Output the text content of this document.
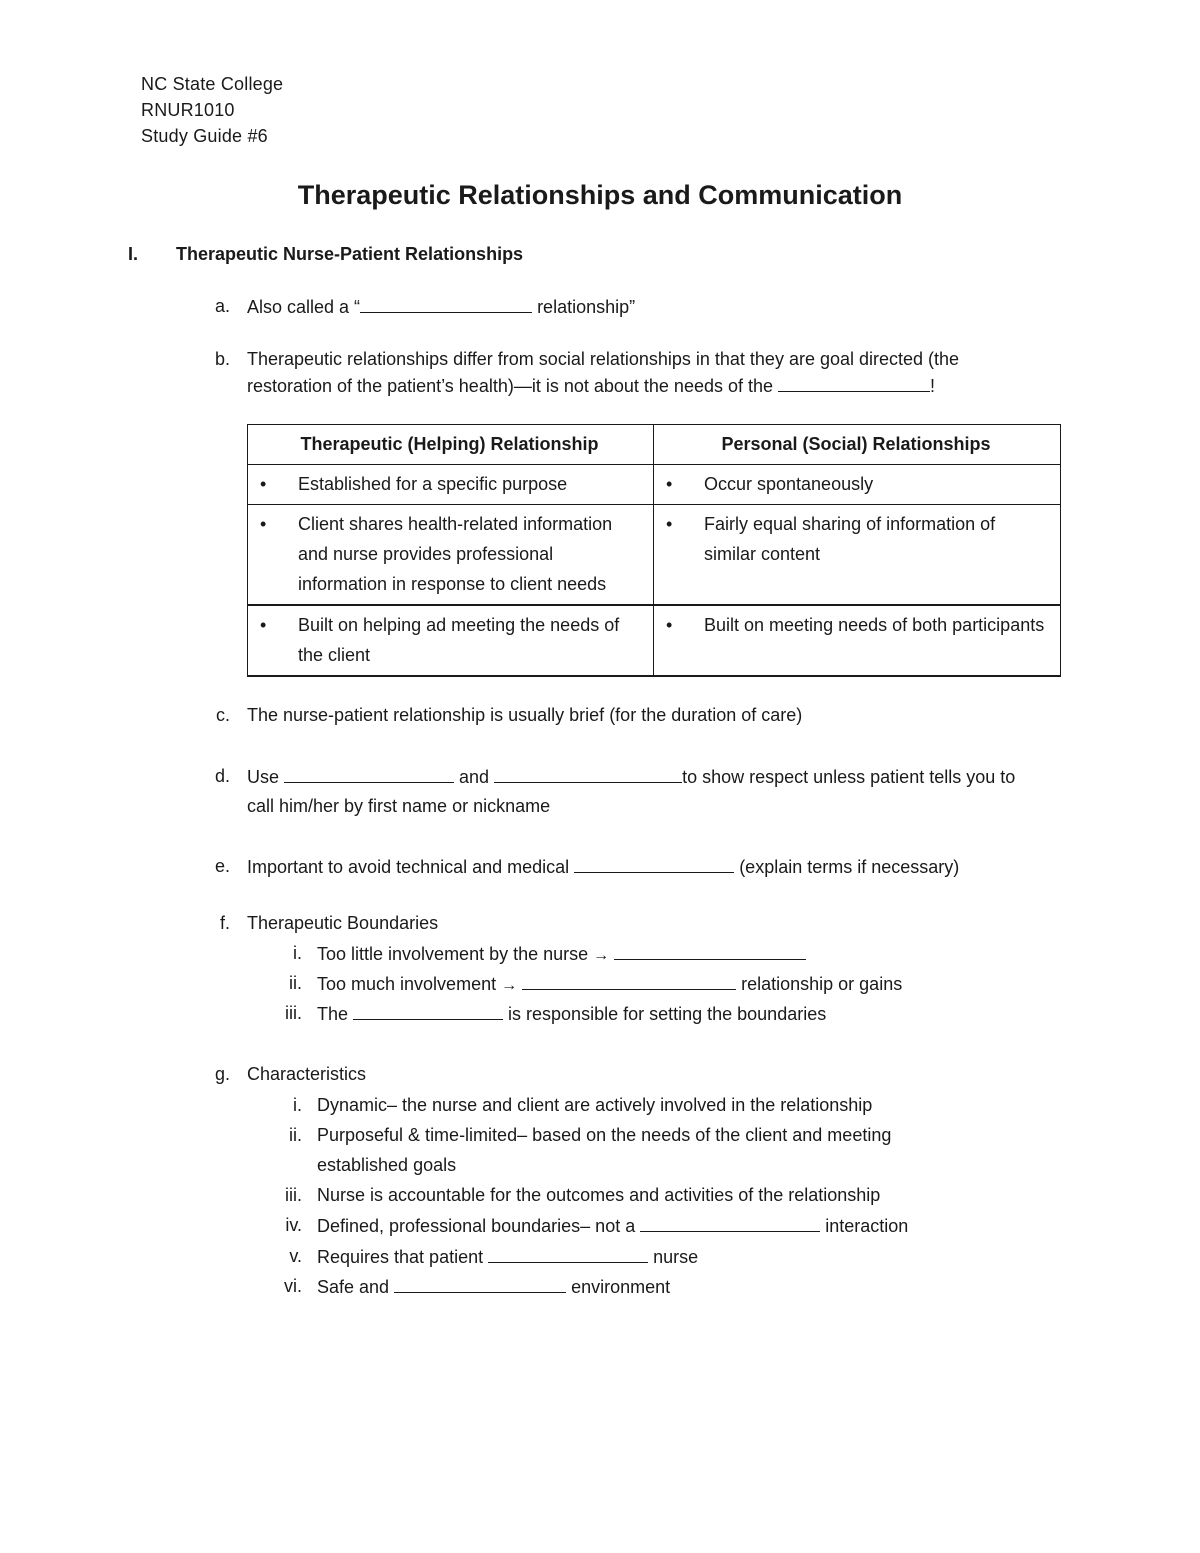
NC State College
RNUR1010
Study Guide #6
Therapeutic Relationships and Communication
I. Therapeutic Nurse-Patient Relationships
a. Also called a “	relationship”
b. Therapeutic relationships differ from social relationships in that they are goal directed (the
restoration of the patient’s health)—it is not about the needs of the	!
Therapeutic (Helping) Relationship	Personal (Social) Relationships

• Established for a specific purpose	• Occur spontaneously

• Client shares health-related information and nurse provides professional information in response to client needs	• Fairly equal sharing of information of similar content

• Built on helping ad meeting the needs of the client	• Built on meeting needs of both participants
c. The nurse-patient relationship is usually brief (for the duration of care)
d. Use	and	to show respect unless patient tells you to
call him/her by first name or nickname
e. Important to avoid technical and medical	(explain terms if necessary)
f. Therapeutic Boundaries
i. Too little involvement by the nurse →
ii. Too much involvement →	relationship or gains
iii. The	is responsible for setting the boundaries
g. Characteristics
i. Dynamic– the nurse and client are actively involved in the relationship
ii. Purposeful & time-limited– based on the needs of the client and meeting
established goals
iii. Nurse is accountable for the outcomes and activities of the relationship
iv. Defined, professional boundaries– not a	interaction
v. Requires that patient	nurse
vi. Safe and	environment
